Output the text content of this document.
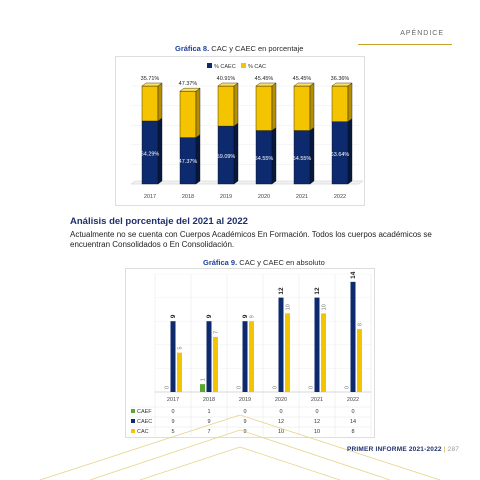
APÉNDICE
Gráfica 8. CAC y CAEC en porcentaje
% CAEC % CAC
35.71%
64.29%
2017
47.37%
47.37%
2018
40.91%
59.09%
2019
45.45%
54.55%
2020
45.45%
54.55%
2021
36.36%
63.64%
2022
Análisis del porcentaje del 2021 al 2022
Actualmente no se cuenta con Cuerpos Académicos En Formación. Todos los cuerpos académicos se encuentran Consolidados o En Consolidación.
Gráfica 9. CAC y CAEC en absoluto
0
9
5
2017
1
9
7
2018
0
9 9
2019
0
12
10
2020
0
12
10
2021
0
14
8
2022
CAEF	0	1	0	0	0	0
CAEC	9	9	9	12	12	14
CAC	5	7	9	10	10	8
PRIMER INFORME 2021-2022 | 287
